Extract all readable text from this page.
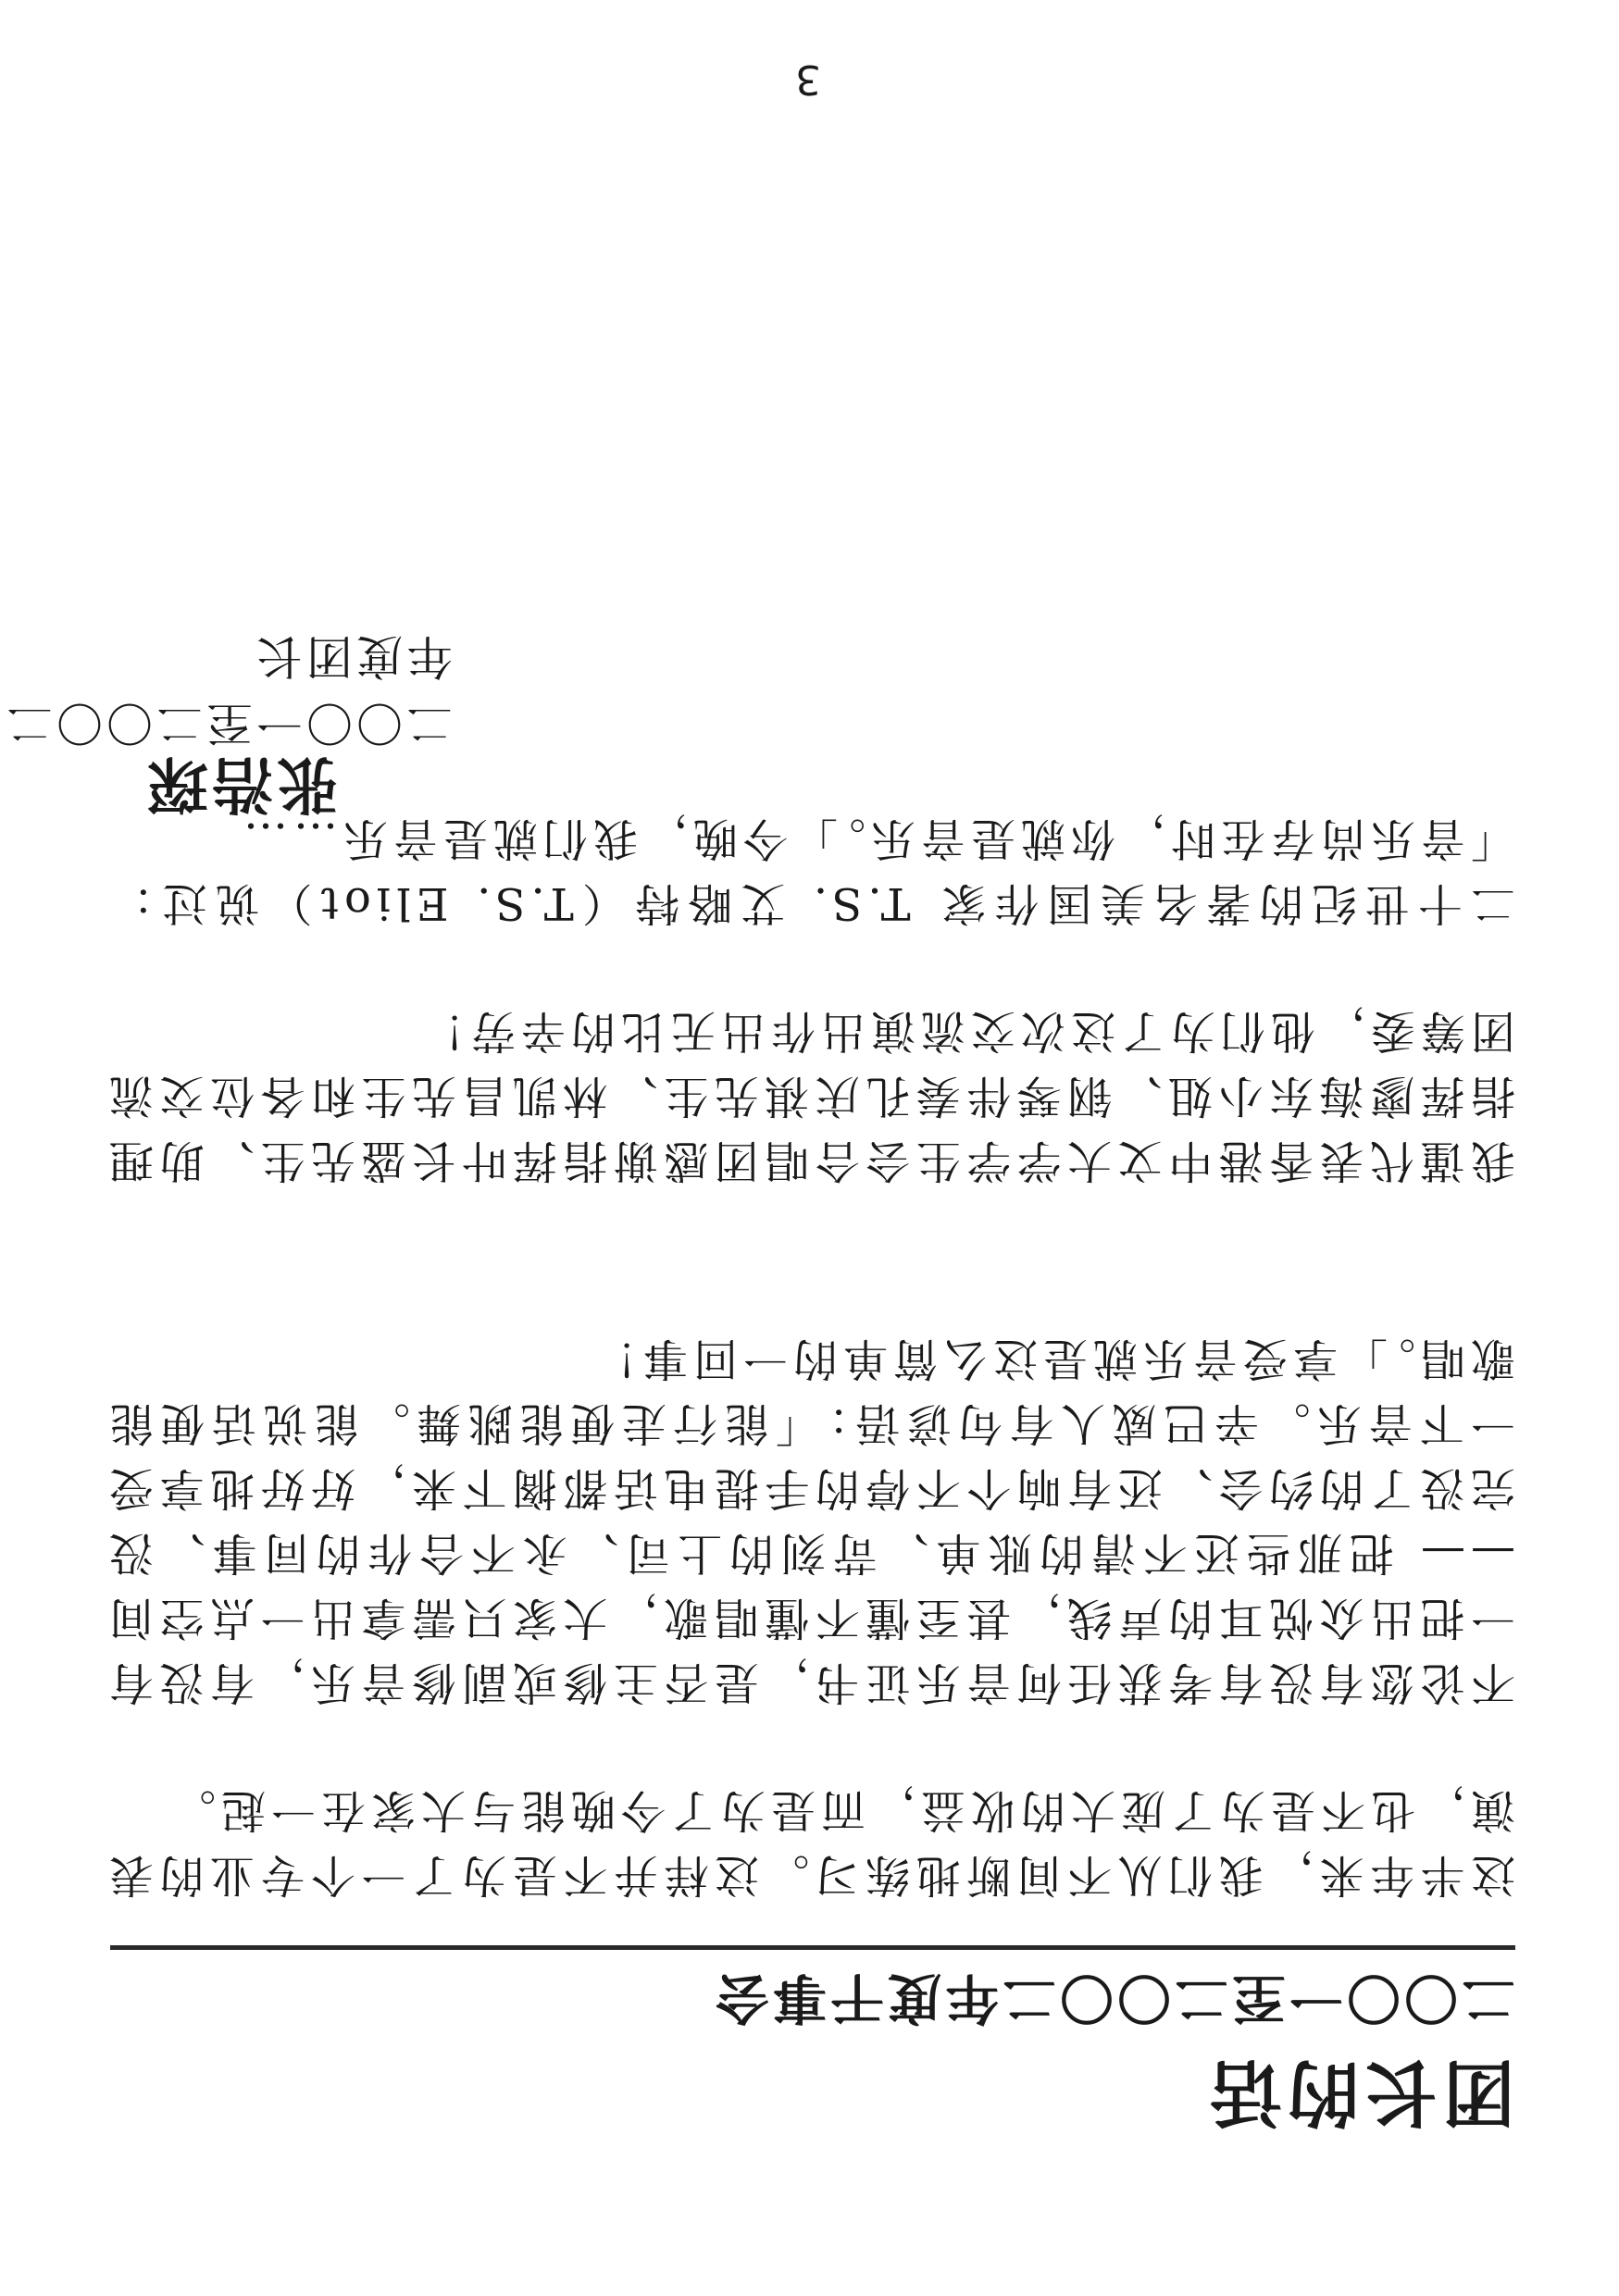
团长的话
二〇〇一至二〇〇二年度干事会

这半年来，我们从不间断地练习。这样并不是为了一个专业的表演，也不是为了庞大的收益，而是为了今晚能与大家在一起。

不论您有没有考获任何音乐证书，是否主修或副修音乐，有没有一把出众悦耳的声线，甚至懂不懂唱歌，大家只需拿出一点空间 —— 把那些还不清的账单、苛刻的上司、永不合作的同事、没完没了的约会、还有响个不停的手提电话都搁下来，好好地享受一下音乐。辛巴威人有句谚语：「能行走便能跳舞。能说话便能歌唱。」享受音乐就是这么简单的一回事！

我谨代表香港中文大学学生会合唱团感谢指挥叶长盛先生、助理指挥廖海东小姐、钢琴伴奏孔庆祺先生、林凯昌先生和各位交流团筹委，他们为了这次交流演出作出无比的辛劳！

二十世纪的著名美国作家 T.S. 艾略特（T.S. Eliot）说过：「音乐尚存在时，你就是音乐。」今晚，我们就是音乐……

张浩琛

二〇〇一至二〇〇二年度团长

3
